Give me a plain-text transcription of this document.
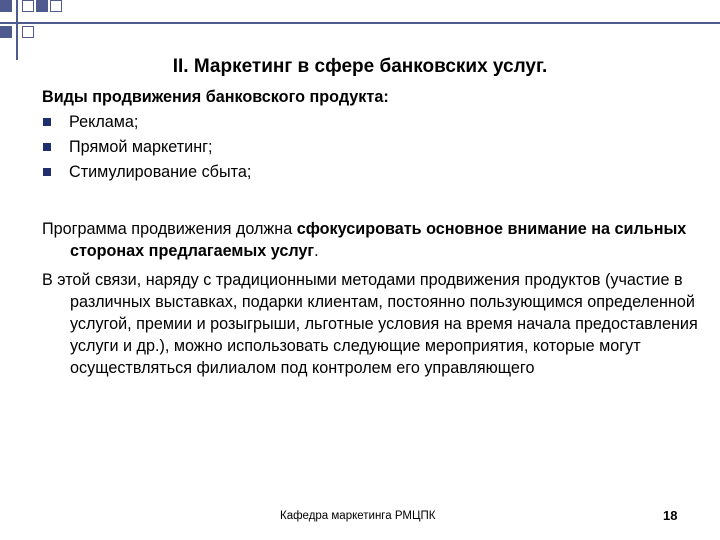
II. Маркетинг в сфере банковских услуг.
Виды продвижения банковского продукта:
Реклама;
Прямой маркетинг;
Стимулирование сбыта;
Программа продвижения должна сфокусировать основное внимание на сильных сторонах предлагаемых услуг.
В этой связи, наряду с традиционными методами продвижения продуктов (участие в различных выставках, подарки клиентам, постоянно пользующимся определенной услугой, премии и розыгрыши, льготные условия на время начала предоставления услуги и др.), можно использовать следующие мероприятия, которые могут осуществляться филиалом под контролем его управляющего
Кафедра маркетинга РМЦПК	18
